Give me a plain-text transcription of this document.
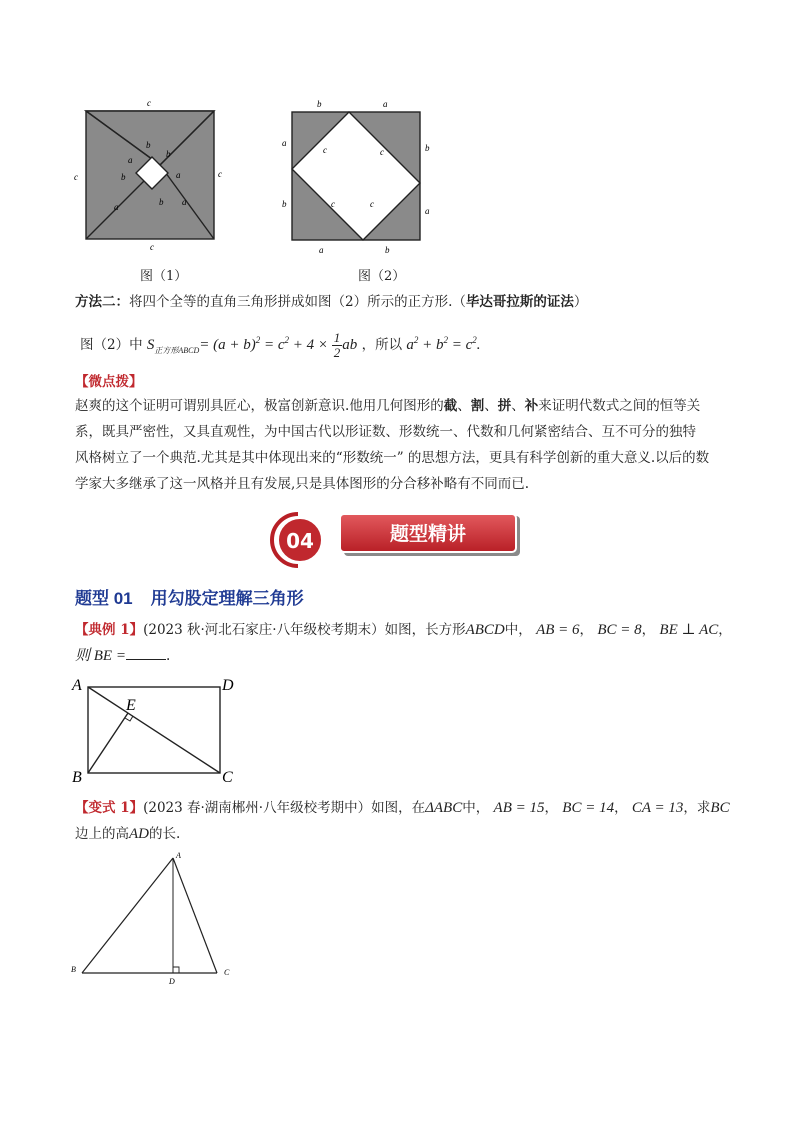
c
c	c
c
b
a
b
b
a	b
a
a
图（1）
b	a
a
b
b
a
a	b
c	c
c	c
图（2）
方法二：将四个全等的直角三角形拼成如图（2）所示的正方形.（毕达哥拉斯的证法）
图（2）中 $S_{正方形ABCD}= (a + b)^2 = c^2 + 4 \times \frac{1}{2}$ ab ，所以 $a^2 + b^2 = c^2$.
【微点拨】
赵爽的这个证明可谓别具匠心，极富创新意识.他用几何图形的截、割、拼、补来证明代数式之间的恒等关
系，既具严密性，又具直观性，为中国古代以形证数、形数统一、代数和几何紧密结合、互不可分的独特
风格树立了一个典范.尤其是其中体现出来的“形数统一” 的思想方法，更具有科学创新的重大意义.以后的数
学家大多继承了这一风格并且有发展,只是具体图形的分合移补略有不同而已.
04	题型精讲
题型 01 用勾股定理解三角形
【典例 1】(2023 秋·河北石家庄·八年级校考期末）如图，长方形ABCD中， AB = 6， BC = 8， BE ⊥ AC，
则 BE =	.
A	D
B	C
E
【变式 1】(2023 春·湖南郴州·八年级校考期中）如图，在ΔABC中， AB = 15， BC = 14， CA = 13，求BC
边上的高AD的长.
A
B	C
D
